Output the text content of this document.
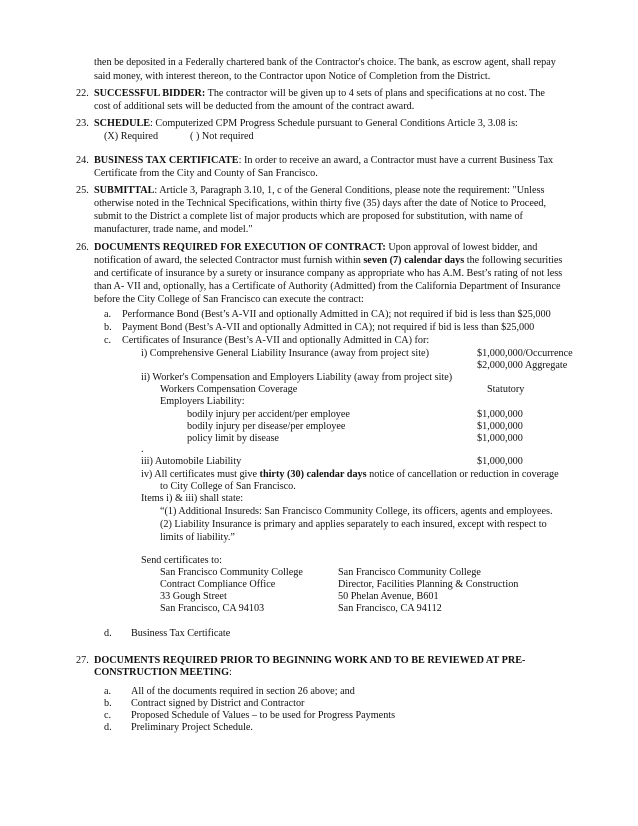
then be deposited in a Federally chartered bank of the Contractor's choice. The bank, as escrow agent, shall repay
said money, with interest thereon, to the Contractor upon Notice of Completion from the District.
22. SUCCESSFUL BIDDER: The contractor will be given up to 4 sets of plans and specifications at no cost. The
cost of additional sets will be deducted from the amount of the contract award.
23. SCHEDULE: Computerized CPM Progress Schedule pursuant to General Conditions Article 3, 3.08 is:
(X) Required	( ) Not required
24. BUSINESS TAX CERTIFICATE: In order to receive an award, a Contractor must have a current Business Tax
Certificate from the City and County of San Francisco.
25. SUBMITTAL: Article 3, Paragraph 3.10, 1, c of the General Conditions, please note the requirement: "Unless
otherwise noted in the Technical Specifications, within thirty five (35) days after the date of Notice to Proceed,
submit to the District a complete list of major products which are proposed for substitution, with name of
manufacturer, trade name, and model."
26. DOCUMENTS REQUIRED FOR EXECUTION OF CONTRACT: Upon approval of lowest bidder, and
notification of award, the selected Contractor must furnish within seven (7) calendar days the following securities
and certificate of insurance by a surety or insurance company as appropriate who has A.M. Best’s rating of not less
than A- VII and, optionally, has a Certificate of Authority (Admitted) from the California Department of Insurance
before the City College of San Francisco can execute the contract:
a. Performance Bond (Best’s A-VII and optionally Admitted in CA); not required if bid is less than $25,000
b. Payment Bond (Best’s A-VII and optionally Admitted in CA); not required if bid is less than $25,000
c. Certificates of Insurance (Best’s A-VII and optionally Admitted in CA) for:
i) Comprehensive General Liability Insurance (away from project site)	$1,000,000/Occurrence
$2,000,000 Aggregate
ii) Worker's Compensation and Employers Liability (away from project site)
Workers Compensation Coverage	Statutory
Employers Liability:
bodily injury per accident/per employee	$1,000,000
bodily injury per disease/per employee	$1,000,000
policy limit by disease	$1,000,000
.
iii) Automobile Liability	$1,000,000
iv) All certificates must give thirty (30) calendar days notice of cancellation or reduction in coverage
to City College of San Francisco.
Items i) & iii) shall state:
“(1) Additional Insureds: San Francisco Community College, its officers, agents and employees.
(2) Liability Insurance is primary and applies separately to each insured, except with respect to
limits of liability.”
Send certificates to:
San Francisco Community College	San Francisco Community College
Contract Compliance Office	Director, Facilities Planning & Construction
33 Gough Street	50 Phelan Avenue, B601
San Francisco, CA 94103	San Francisco, CA 94112
d. Business Tax Certificate
27. DOCUMENTS REQUIRED PRIOR TO BEGINNING WORK AND TO BE REVIEWED AT PRE-
CONSTRUCTION MEETING:
a. All of the documents required in section 26 above; and
b. Contract signed by District and Contractor
c. Proposed Schedule of Values – to be used for Progress Payments
d. Preliminary Project Schedule.
